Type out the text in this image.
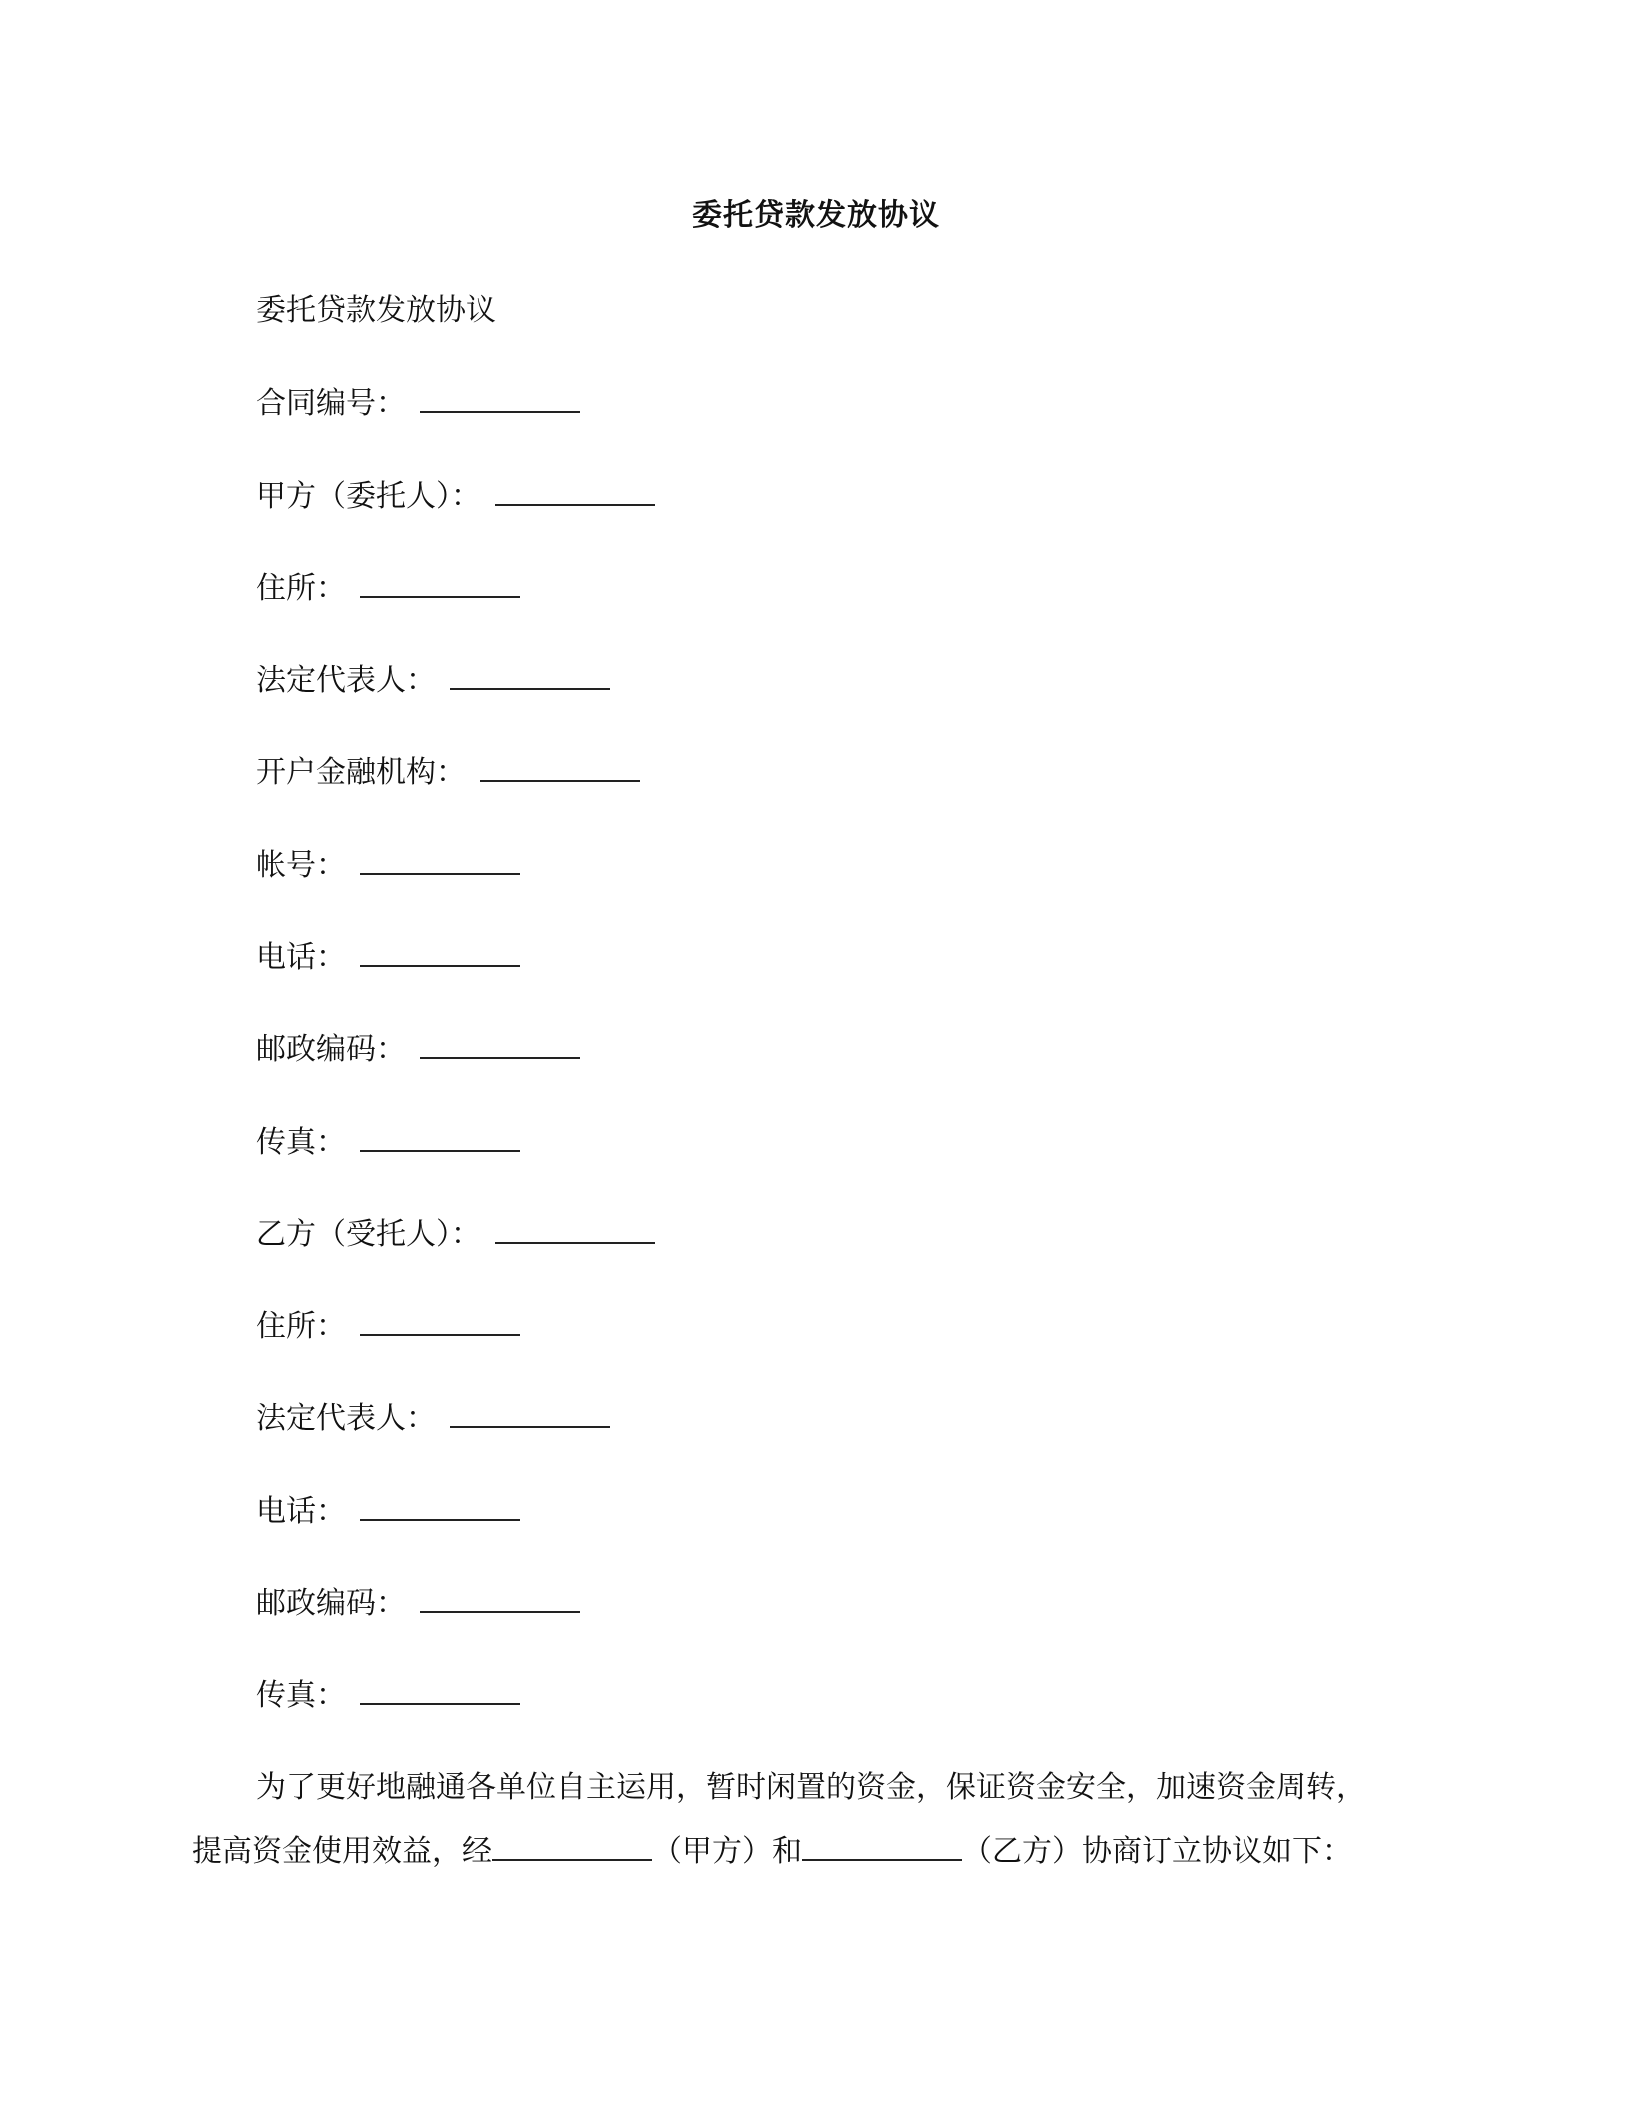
委托贷款发放协议
委托贷款发放协议
合同编号：
甲方（委托人）：
住所：
法定代表人：
开户金融机构：
帐号：
电话：
邮政编码：
传真：
乙方（受托人）：
住所：
法定代表人：
电话：
邮政编码：
传真：
为了更好地融通各单位自主运用，暂时闲置的资金，保证资金安全，加速资金周转，
提高资金使用效益，经	（甲方）和	（乙方）协商订立协议如下：
